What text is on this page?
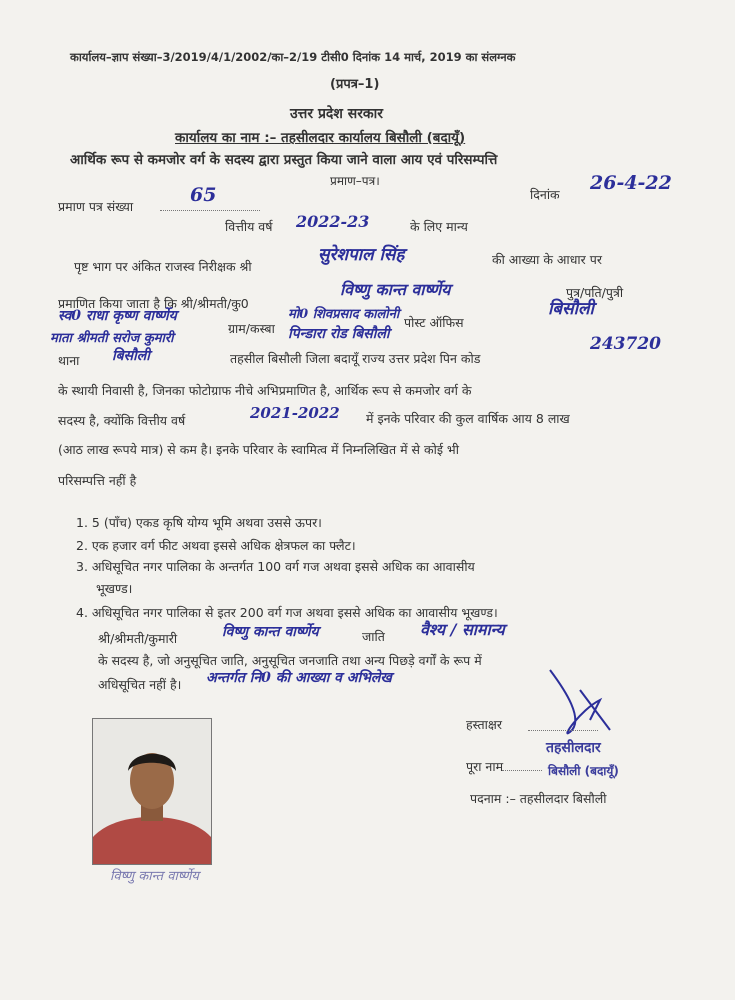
कार्यालय–ज्ञाप संख्या–3/2019/4/1/2002/का–2/19 टीसी0 दिनांक 14 मार्च, 2019 का संलग्नक
(प्रपत्र–1)
उत्तर प्रदेश सरकार
कार्यालय का नाम :– तहसीलदार कार्यालय बिसौली (बदायूँ)
आर्थिक रूप से कमजोर वर्ग के सदस्य द्वारा प्रस्तुत किया जाने वाला आय एवं परिसम्पत्ति
प्रमाण–पत्र।
प्रमाण पत्र संख्या
65	दिनांक
26-4-22
वित्तीय वर्ष 2022-23	के लिए मान्य
पृष्ट भाग पर अंकित राजस्व निरीक्षक श्री
सुरेशपाल सिंह	की आख्या के आधार पर
प्रमाणित किया जाता है कि श्री/श्रीमती/कु0
विष्णु कान्त वार्ष्णेय	पुत्र/पति/पुत्री
स्व0 राधा कृष्ण वार्ष्णेय
ग्राम/कस्बा
मो0 शिवप्रसाद कालोनी
पोस्ट ऑफिस
बिसौली
माता श्रीमती सरोज कुमारी	पिन्डारा रोड बिसौली
थाना बिसौली	तहसील बिसौली जिला बदायूँ राज्य उत्तर प्रदेश पिन कोड
243720
के स्थायी निवासी है, जिनका फोटोग्राफ नीचे अभिप्रमाणित है, आर्थिक रूप से कमजोर वर्ग के
सदस्य है, क्योंकि वित्तीय वर्ष	2021-2022 में इनके परिवार की कुल वार्षिक आय 8 लाख
(आठ लाख रूपये मात्र) से कम है। इनके परिवार के स्वामित्व में निम्नलिखित में से कोई भी
परिसम्पत्ति नहीं है
1. 5 (पाँच) एकड कृषि योग्य भूमि अथवा उससे ऊपर।
2. एक हजार वर्ग फीट अथवा इससे अधिक क्षेत्रफल का फ्लैट।
3. अधिसूचित नगर पालिका के अन्तर्गत 100 वर्ग गज अथवा इससे अधिक का आवासीय
भूखण्ड।
4. अधिसूचित नगर पालिका से इतर 200 वर्ग गज अथवा इससे अधिक का आवासीय भूखण्ड।
श्री/श्रीमती/कुमारी	विष्णु कान्त वार्ष्णेय	जाति वैश्य / सामान्य
के सदस्य है, जो अनुसूचित जाति, अनुसूचित जनजाति तथा अन्य पिछड़े वर्गों के रूप में
अधिसूचित नहीं है। अन्तर्गत नि0 की आख्या व अभिलेख
हस्ताक्षर
पूरा नाम
तहसीलदार
बिसौली (बदायूँ)
पदनाम :– तहसीलदार बिसौली
विष्णु कान्त वार्ष्णेय
